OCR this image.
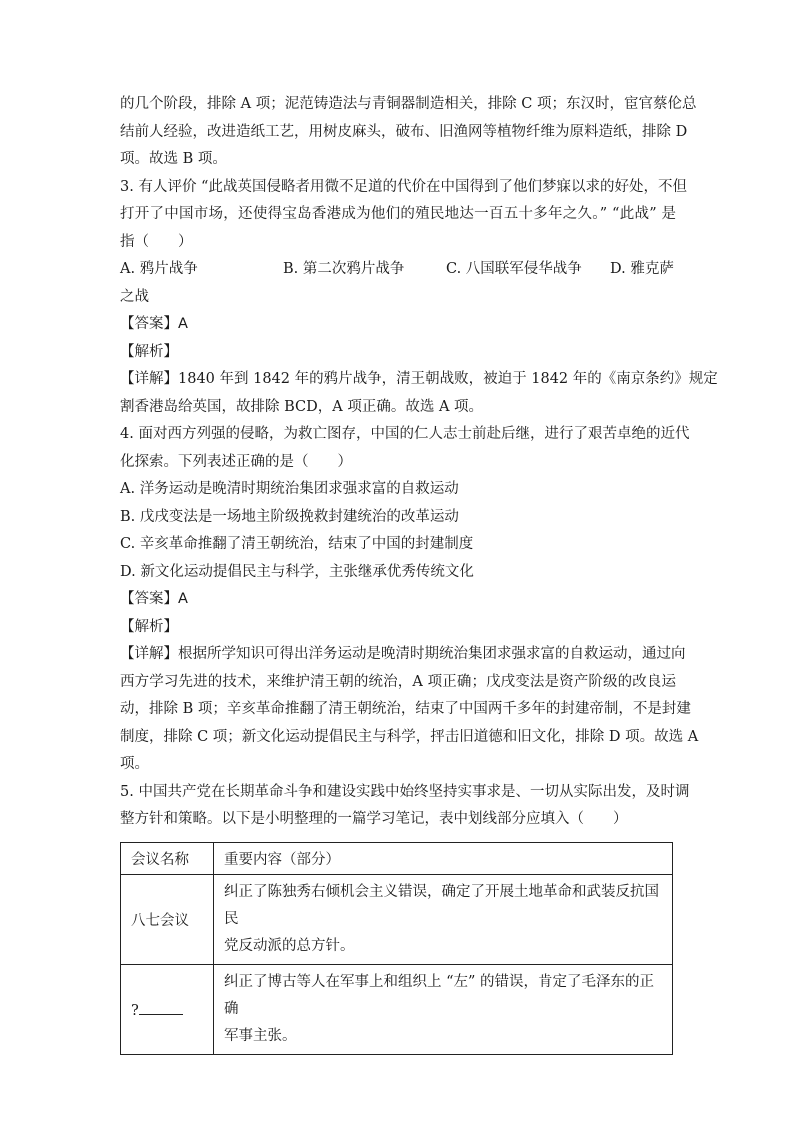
的几个阶段，排除 A 项；泥范铸造法与青铜器制造相关，排除 C 项；东汉时，宦官蔡伦总
结前人经验，改进造纸工艺，用树皮麻头，破布、旧渔网等植物纤维为原料造纸，排除 D
项。故选 B 项。
3. 有人评价 “此战英国侵略者用微不足道的代价在中国得到了他们梦寐以求的好处，不但
打开了中国市场，还使得宝岛香港成为他们的殖民地达一百五十多年之久。” “此战” 是
指（　　）
A. 鸦片战争	B. 第二次鸦片战争	C. 八国联军侵华战争	D. 雅克萨
之战
【答案】A
【解析】
【详解】1840 年到 1842 年的鸦片战争，清王朝战败，被迫于 1842 年的《南京条约》规定
割香港岛给英国，故排除 BCD，A 项正确。故选 A 项。
4. 面对西方列强的侵略，为救亡图存，中国的仁人志士前赴后继，进行了艰苦卓绝的近代
化探索。下列表述正确的是（　　）
A. 洋务运动是晚清时期统治集团求强求富的自救运动
B. 戊戌变法是一场地主阶级挽救封建统治的改革运动
C. 辛亥革命推翻了清王朝统治，结束了中国的封建制度
D. 新文化运动提倡民主与科学，主张继承优秀传统文化
【答案】A
【解析】
【详解】根据所学知识可得出洋务运动是晚清时期统治集团求强求富的自救运动，通过向
西方学习先进的技术，来维护清王朝的统治，A 项正确；戊戌变法是资产阶级的改良运
动，排除 B 项；辛亥革命推翻了清王朝统治，结束了中国两千多年的封建帝制，不是封建
制度，排除 C 项；新文化运动提倡民主与科学，抨击旧道德和旧文化，排除 D 项。故选 A
项。
5. 中国共产党在长期革命斗争和建设实践中始终坚持实事求是、一切从实际出发，及时调
整方针和策略。以下是小明整理的一篇学习笔记，表中划线部分应填入（　　）
会议名称	重要内容（部分）
八七会议	纠正了陈独秀右倾机会主义错误，确定了开展土地革命和武装反抗国民
党反动派的总方针。

?	纠正了博古等人在军事上和组织上 “左” 的错误，肯定了毛泽东的正确
军事主张。
